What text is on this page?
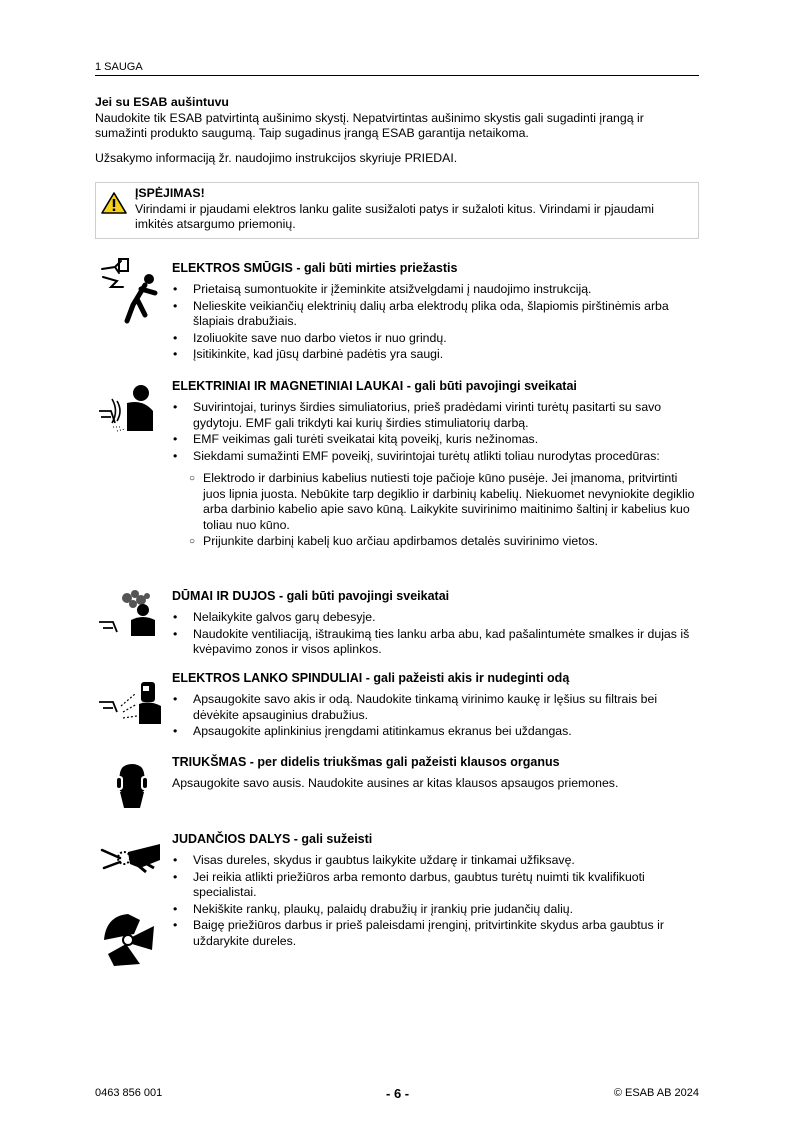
1 SAUGA

Jei su ESAB aušintuvu

Naudokite tik ESAB patvirtintą aušinimo skystį. Nepatvirtintas aušinimo skystis gali sugadinti įrangą ir sumažinti produkto saugumą. Taip sugadinus įrangą ESAB garantija netaikoma.

Užsakymo informaciją žr. naudojimo instrukcijos skyriuje PRIEDAI.

ĮSPĖJIMAS!
Virindami ir pjaudami elektros lanku galite susižaloti patys ir sužaloti kitus. Virindami ir pjaudami imkitės atsargumo priemonių.
ELEKTROS SMŪGIS - gali būti mirties priežastis
• Prietaisą sumontuokite ir įžeminkite atsižvelgdami į naudojimo instrukciją.
• Nelieskite veikiančių elektrinių dalių arba elektrodų plika oda, šlapiomis pirštinėmis arba šlapiais drabužiais.
• Izoliuokite save nuo darbo vietos ir nuo grindų.
• Įsitikinkite, kad jūsų darbinė padėtis yra saugi.
ELEKTRINIAI IR MAGNETINIAI LAUKAI - gali būti pavojingi sveikatai
• Suvirintojai, turinys širdies simuliatorius, prieš pradėdami virinti turėtų pasitarti su savo gydytoju. EMF gali trikdyti kai kurių širdies stimuliatorių darbą.
• EMF veikimas gali turėti sveikatai kitą poveikį, kuris nežinomas.
• Siekdami sumažinti EMF poveikį, suvirintojai turėtų atlikti toliau nurodytas procedūras:
○ Elektrodo ir darbinius kabelius nutiesti toje pačioje kūno pusėje. Jei įmanoma, pritvirtinti juos lipnia juosta. Nebūkite tarp degiklio ir darbinių kabelių. Niekuomet nevyniokite degiklio arba darbinio kabelio apie savo kūną. Laikykite suvirinimo maitinimo šaltinį ir kabelius kuo toliau nuo kūno.
○ Prijunkite darbinį kabelį kuo arčiau apdirbamos detalės suvirinimo vietos.
DŪMAI IR DUJOS - gali būti pavojingi sveikatai
• Nelaikykite galvos garų debesyje.
• Naudokite ventiliaciją, ištraukimą ties lanku arba abu, kad pašalintumėte smalkes ir dujas iš kvėpavimo zonos ir visos aplinkos.
ELEKTROS LANKO SPINDULIAI - gali pažeisti akis ir nudeginti odą
• Apsaugokite savo akis ir odą. Naudokite tinkamą virinimo kaukę ir lęšius su filtrais bei dėvėkite apsauginius drabužius.
• Apsaugokite aplinkinius įrengdami atitinkamus ekranus bei uždangas.
TRIUKŠMAS - per didelis triukšmas gali pažeisti klausos organus

Apsaugokite savo ausis. Naudokite ausines ar kitas klausos apsaugos priemones.

JUDANČIOS DALYS - gali sužeisti
• Visas dureles, skydus ir gaubtus laikykite uždarę ir tinkamai užfiksavę.
• Jei reikia atlikti priežiūros arba remonto darbus, gaubtus turėtų nuimti tik kvalifikuoti specialistai.
• Nekiškite rankų, plaukų, palaidų drabužių ir įrankių prie judančių dalių.
• Baigę priežiūros darbus ir prieš paleisdami įrenginį, pritvirtinkite skydus arba gaubtus ir uždarykite dureles.
0463 856 001	- 6 -	© ESAB AB 2024
